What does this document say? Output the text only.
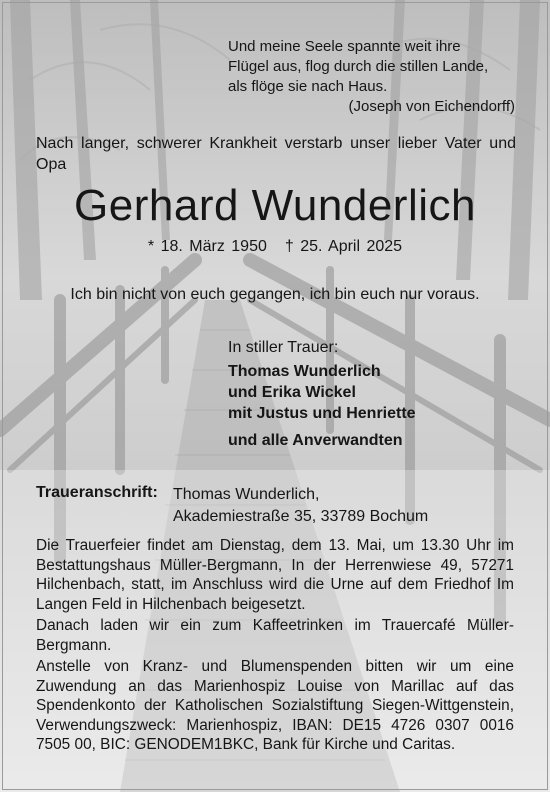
Und meine Seele spannte weit ihre
Flügel aus, flog durch die stillen Lande,
als flöge sie nach Haus.
(Joseph von Eichendorff)
Nach langer, schwerer Krankheit verstarb unser lieber Vater und Opa
Gerhard Wunderlich
* 18. März 1950 † 25. April 2025
Ich bin nicht von euch gegangen, ich bin euch nur voraus.
In stiller Trauer:
Thomas Wunderlich
und Erika Wickel
mit Justus und Henriette
und alle Anverwandten
Traueranschrift: Thomas Wunderlich,
Akademiestraße 35, 33789 Bochum
Die Trauerfeier findet am Dienstag, dem 13. Mai, um 13.30 Uhr im Bestattungshaus Müller-Bergmann, In der Herrenwiese 49, 57271 Hilchenbach, statt, im Anschluss wird die Urne auf dem Friedhof Im Langen Feld in Hilchenbach beigesetzt.
Danach laden wir ein zum Kaffeetrinken im Trauercafé Müller-Bergmann.
Anstelle von Kranz- und Blumenspenden bitten wir um eine Zuwendung an das Marienhospiz Louise von Marillac auf das Spendenkonto der Katholischen Sozialstiftung Siegen-Wittgenstein, Verwendungszweck: Marienhospiz, IBAN: DE15 4726 0307 0016 7505 00, BIC: GENODEM1BKC, Bank für Kirche und Caritas.
